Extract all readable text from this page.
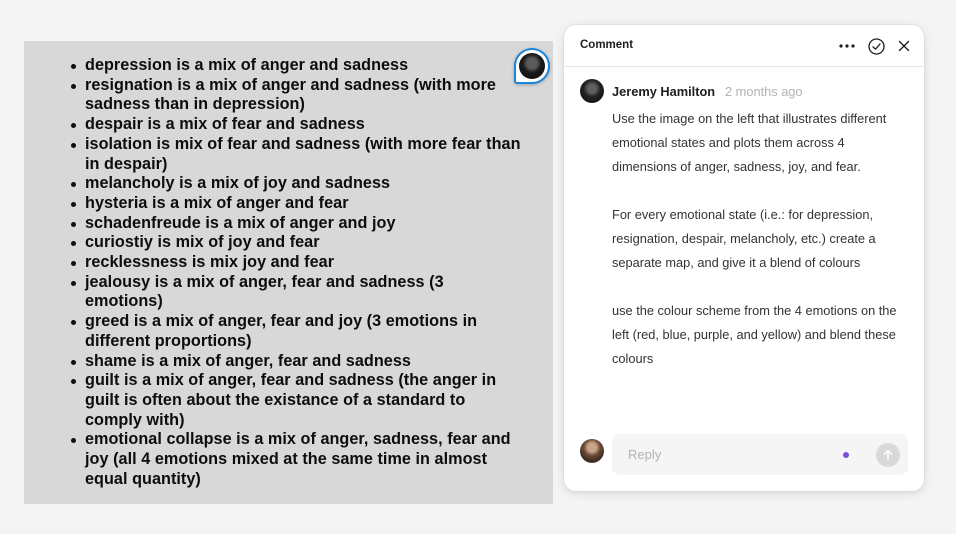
depression is a mix of anger and sadness
resignation is a mix of anger and sadness (with more sadness than in depression)
despair is a mix of fear and sadness
isolation is mix of fear and sadness (with more fear than in despair)
melancholy is a mix of joy and sadness
hysteria is a mix of anger and fear
schadenfreude is a mix of anger and joy
curiostiy is mix of joy and fear
recklessness is mix joy and fear
jealousy is a mix of anger, fear and sadness (3 emotions)
greed is a mix of anger, fear and joy (3 emotions in different proportions)
shame is a mix of anger, fear and sadness
guilt is a mix of anger, fear and sadness (the anger in guilt is often about the existance of a standard to comply with)
emotional collapse is a mix of anger, sadness, fear and joy (all 4 emotions mixed at the same time in almost equal quantity)
Comment
Jeremy Hamilton 2 months ago

Use the image on the left that illustrates different emotional states and plots them across 4 dimensions of anger, sadness, joy, and fear.

For every emotional state (i.e.: for depression, resignation, despair, melancholy, etc.) create a separate map, and give it a blend of colours

use the colour scheme from the 4 emotions on the left (red, blue, purple, and yellow) and blend these colours

Reply
